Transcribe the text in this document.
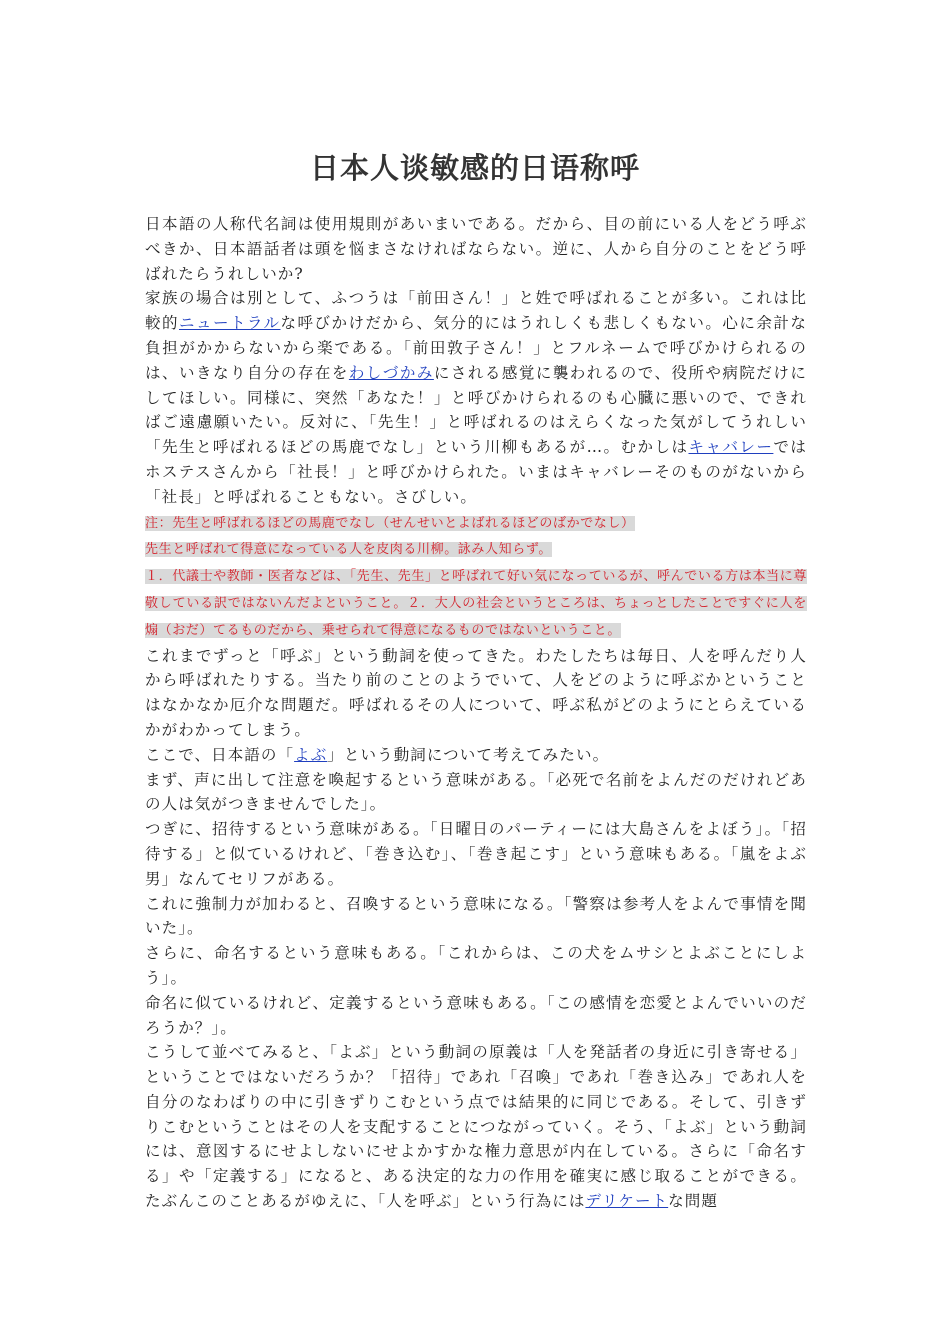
日本人谈敏感的日语称呼

日本語の人称代名詞は使用規則があいまいである。だから、目の前にいる人をどう呼ぶべきか、日本語話者は頭を悩まさなければならない。逆に、人から自分のことをどう呼ばれたらうれしいか?

家族の場合は別として、ふつうは「前田さん！」と姓で呼ばれることが多い。これは比較的ニュートラルな呼びかけだから、気分的にはうれしくも悲しくもない。心に余計な負担がかからないから楽である。「前田敦子さん！」とフルネームで呼びかけられるのは、いきなり自分の存在をわしづかみにされる感覚に襲われるので、役所や病院だけにしてほしい。同様に、突然「あなた！」と呼びかけられるのも心臓に悪いので、できればご遠慮願いたい。反対に、「先生！」と呼ばれるのはえらくなった気がしてうれしい「先生と呼ばれるほどの馬鹿でなし」という川柳もあるが…。むかしはキャバレーではホステスさんから「社長！」と呼びかけられた。いまはキャバレーそのものがないから「社長」と呼ばれることもない。さびしい。

注：先生と呼ばれるほどの馬鹿でなし（せんせいとよばれるほどのばかでなし）

先生と呼ばれて得意になっている人を皮肉る川柳。詠み人知らず。

１．代議士や教師・医者などは、「先生、先生」と呼ばれて好い気になっているが、呼んでいる方は本当に尊敬している訳ではないんだよということ。２．大人の社会というところは、ちょっとしたことですぐに人を煽（おだ）てるものだから、乗せられて得意になるものではないということ。

これまでずっと「呼ぶ」という動詞を使ってきた。わたしたちは毎日、人を呼んだり人から呼ばれたりする。当たり前のことのようでいて、人をどのように呼ぶかということはなかなか厄介な問題だ。呼ばれるその人について、呼ぶ私がどのようにとらえているかがわかってしまう。

ここで、日本語の「よぶ」という動詞について考えてみたい。

まず、声に出して注意を喚起するという意味がある。「必死で名前をよんだのだけれどあの人は気がつきませんでした」。

つぎに、招待するという意味がある。「日曜日のパーティーには大島さんをよぼう」。「招待する」と似ているけれど、「巻き込む」、「巻き起こす」という意味もある。「嵐をよぶ男」なんてセリフがある。

これに強制力が加わると、召喚するという意味になる。「警察は参考人をよんで事情を聞いた」。

さらに、命名するという意味もある。「これからは、この犬をムサシとよぶことにしよう」。

命名に似ているけれど、定義するという意味もある。「この感情を恋愛とよんでいいのだろうか？」。

こうして並べてみると、「よぶ」という動詞の原義は「人を発話者の身近に引き寄せる」ということではないだろうか？「招待」であれ「召喚」であれ「巻き込み」であれ人を自分のなわばりの中に引きずりこむという点では結果的に同じである。そして、引きずりこむということはその人を支配することにつながっていく。そう、「よぶ」という動詞には、意図するにせよしないにせよかすかな権力意思が内在している。さらに「命名する」や「定義する」になると、ある決定的な力の作用を確実に感じ取ることができる。たぶんこのことあるがゆえに、「人を呼ぶ」という行為にはデリケートな問題
